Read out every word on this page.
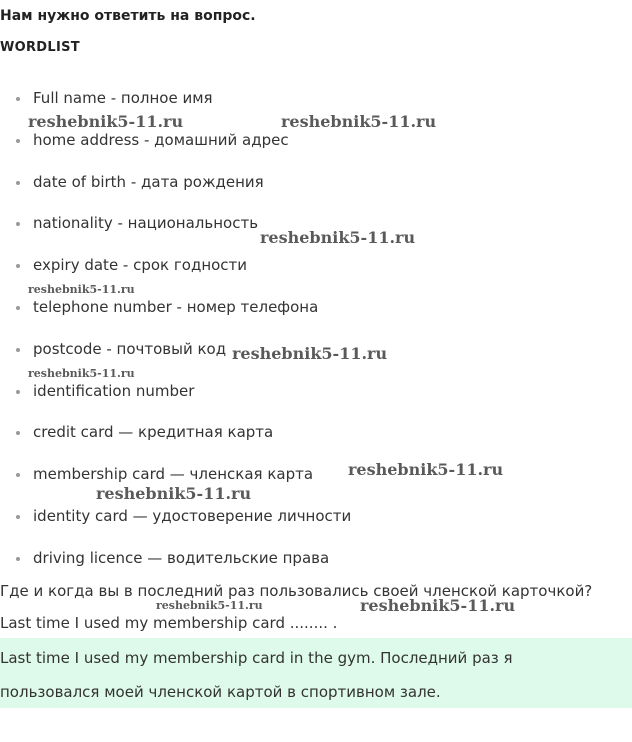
Нам нужно ответить на вопрос.
WORDLIST
Full name - полное имя
home address - домашний адрес
date of birth - дата рождения
nationality - национальность
expiry date - срок годности
telephone number - номер телефона
postcode - почтовый код
identification number
credit card — кредитная карта
membership card — членская карта
identity card — удостоверение личности
driving licence — водительские права
Где и когда вы в последний раз пользовались своей членской карточкой?
Last time I used my membership card ........ .
Last time I used my membership card in the gym. Последний раз я пользовался моей членской картой в спортивном зале.
reshebnik5-11.ru	reshebnik5-11.ru
reshebnik5-11.ru
reshebnik5-11.ru
reshebnik5-11.ru
reshebnik5-11.ru
reshebnik5-11.ru
reshebnik5-11.ru
reshebnik5-11.ru	reshebnik5-11.ru
